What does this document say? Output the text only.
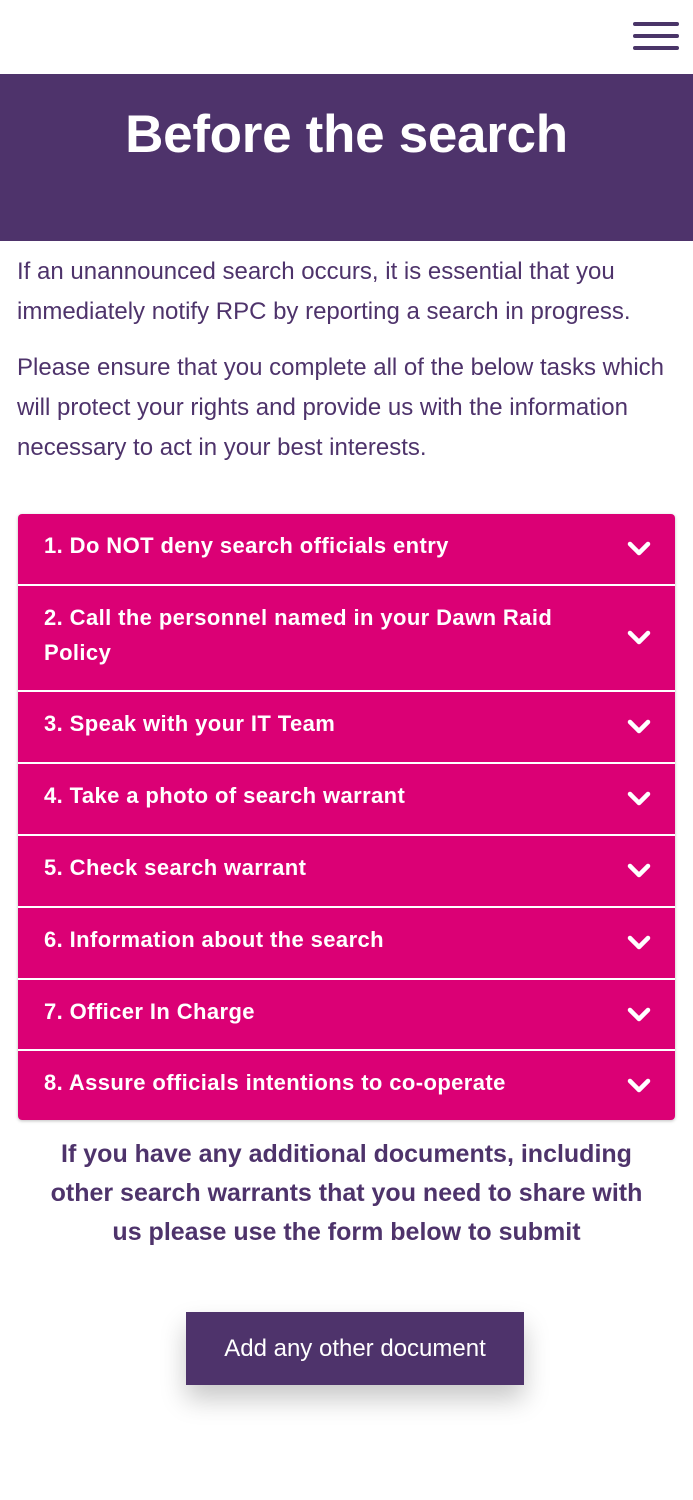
Before the search

If an unannounced search occurs, it is essential that you immediately notify RPC by reporting a search in progress.

Please ensure that you complete all of the below tasks which will protect your rights and provide us with the information necessary to act in your best interests.

1. Do NOT deny search officials entry
2. Call the personnel named in your Dawn Raid Policy
3. Speak with your IT Team
4. Take a photo of search warrant
5. Check search warrant
6. Information about the search
7. Officer In Charge
8. Assure officials intentions to co-operate

If you have any additional documents, including other search warrants that you need to share with us please use the form below to submit

Add any other document
